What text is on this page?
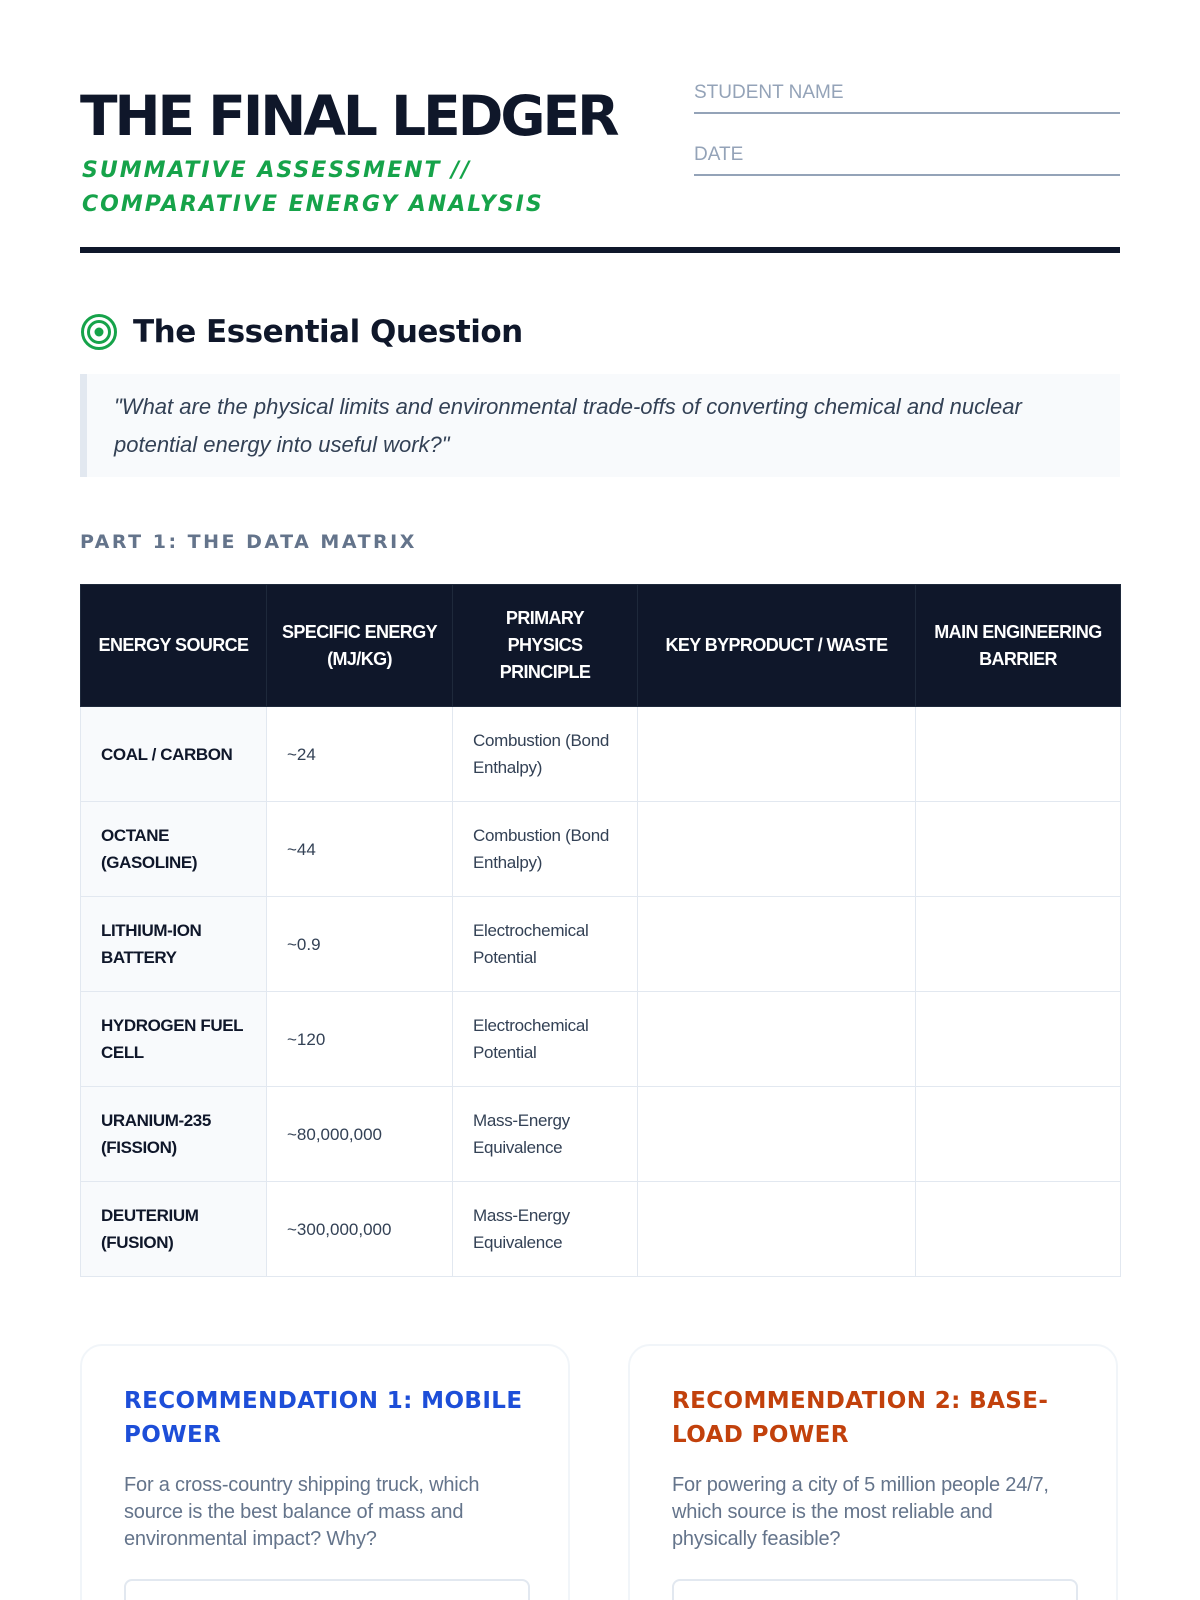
THE FINAL LEDGER
SUMMATIVE ASSESSMENT // COMPARATIVE ENERGY ANALYSIS
STUDENT NAME
DATE
The Essential Question
"What are the physical limits and environmental trade-offs of converting chemical and nuclear potential energy into useful work?"
PART 1: THE DATA MATRIX
ENERGY SOURCE	SPECIFIC ENERGY (MJ/KG)	PRIMARY PHYSICS PRINCIPLE	KEY BYPRODUCT / WASTE	MAIN ENGINEERING BARRIER
COAL / CARBON	~24	Combustion (Bond Enthalpy)		
OCTANE (GASOLINE)	~44	Combustion (Bond Enthalpy)		
LITHIUM-ION BATTERY	~0.9	Electrochemical Potential		
HYDROGEN FUEL CELL	~120	Electrochemical Potential		
URANIUM-235 (FISSION)	~80,000,000	Mass-Energy Equivalence		
DEUTERIUM (FUSION)	~300,000,000	Mass-Energy Equivalence		
RECOMMENDATION 1: MOBILE POWER

For a cross-country shipping truck, which source is the best balance of mass and environmental impact? Why?

RECOMMENDATION 2: BASE-LOAD POWER

For powering a city of 5 million people 24/7, which source is the most reliable and physically feasible?
